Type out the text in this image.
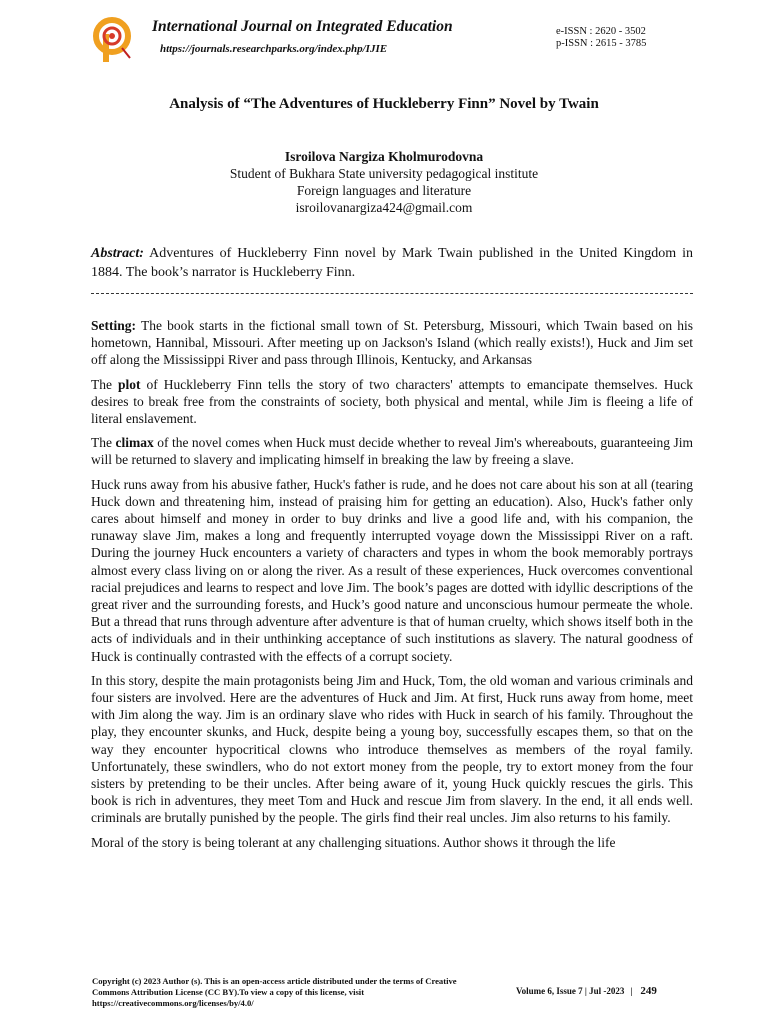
International Journal on Integrated Education
https://journals.researchparks.org/index.php/IJIE
e-ISSN : 2620 - 3502
p-ISSN : 2615 - 3785
Analysis of “The Adventures of Huckleberry Finn” Novel by Twain
Isroilova Nargiza Kholmurodovna
Student of Bukhara State university pedagogical institute
Foreign languages and literature
isroilovanargiza424@gmail.com
Abstract: Adventures of Huckleberry Finn novel by Mark Twain published in the United Kingdom in 1884. The book’s narrator is Huckleberry Finn.

Setting: The book starts in the fictional small town of St. Petersburg, Missouri, which Twain based on his hometown, Hannibal, Missouri. After meeting up on Jackson's Island (which really exists!), Huck and Jim set off along the Mississippi River and pass through Illinois, Kentucky, and Arkansas

The plot of Huckleberry Finn tells the story of two characters' attempts to emancipate themselves. Huck desires to break free from the constraints of society, both physical and mental, while Jim is fleeing a life of literal enslavement.

The climax of the novel comes when Huck must decide whether to reveal Jim's whereabouts, guaranteeing Jim will be returned to slavery and implicating himself in breaking the law by freeing a slave.

Huck runs away from his abusive father, Huck's father is rude, and he does not care about his son at all (tearing Huck down and threatening him, instead of praising him for getting an education). Also, Huck's father only cares about himself and money in order to buy drinks and live a good life and, with his companion, the runaway slave Jim, makes a long and frequently interrupted voyage down the Mississippi River on a raft. During the journey Huck encounters a variety of characters and types in whom the book memorably portrays almost every class living on or along the river. As a result of these experiences, Huck overcomes conventional racial prejudices and learns to respect and love Jim. The book’s pages are dotted with idyllic descriptions of the great river and the surrounding forests, and Huck’s good nature and unconscious humour permeate the whole. But a thread that runs through adventure after adventure is that of human cruelty, which shows itself both in the acts of individuals and in their unthinking acceptance of such institutions as slavery. The natural goodness of Huck is continually contrasted with the effects of a corrupt society.

In this story, despite the main protagonists being Jim and Huck, Tom, the old woman and various criminals and four sisters are involved. Here are the adventures of Huck and Jim. At first, Huck runs away from home, meet with Jim along the way. Jim is an ordinary slave who rides with Huck in search of his family. Throughout the play, they encounter skunks, and Huck, despite being a young boy, successfully escapes them, so that on the way they encounter hypocritical clowns who introduce themselves as members of the royal family. Unfortunately, these swindlers, who do not extort money from the people, try to extort money from the four sisters by pretending to be their uncles. After being aware of it, young Huck quickly rescues the girls. This book is rich in adventures, they meet Tom and Huck and rescue Jim from slavery. In the end, it all ends well. criminals are brutally punished by the people. The girls find their real uncles. Jim also returns to his family.

Moral of the story is being tolerant at any challenging situations. Author shows it through the life

Copyright (c) 2023 Author (s). This is an open-access article distributed under the terms of Creative Commons Attribution License (CC BY).To view a copy of this license, visit https://creativecommons.org/licenses/by/4.0/
Volume 6, Issue 7 | Jul -2023 | 249
